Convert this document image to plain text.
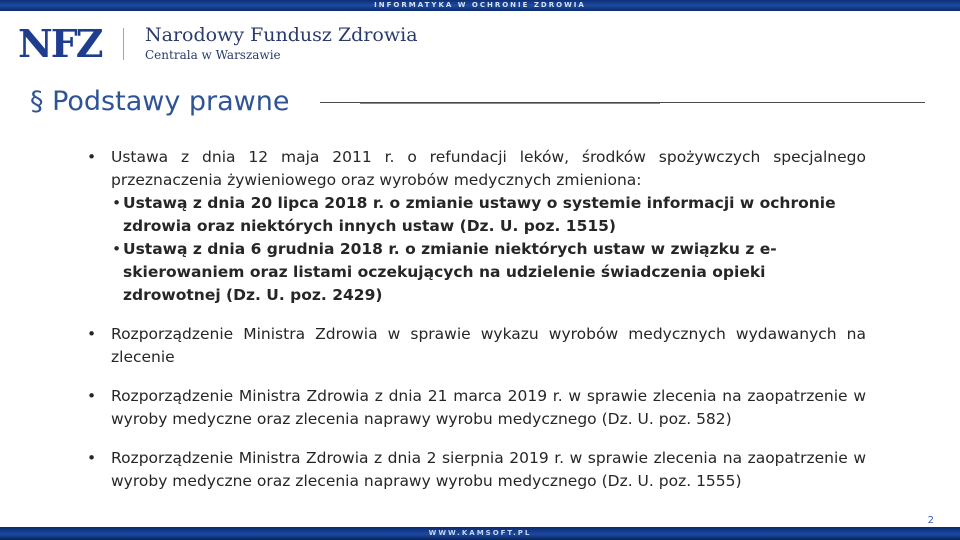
INFORMATYKA W OCHRONIE ZDROWIA
NFZ Narodowy Fundusz Zdrowia
Centrala w Warszawie
§ Podstawy prawne
• Ustawa z dnia 12 maja 2011 r. o refundacji leków, środków spożywczych specjalnego przeznaczenia żywieniowego oraz wyrobów medycznych zmieniona:
• Ustawą z dnia 20 lipca 2018 r. o zmianie ustawy o systemie informacji w ochronie zdrowia oraz niektórych innych ustaw (Dz. U. poz. 1515)
• Ustawą z dnia 6 grudnia 2018 r. o zmianie niektórych ustaw w związku z e-skierowaniem oraz listami oczekujących na udzielenie świadczenia opieki zdrowotnej (Dz. U. poz. 2429)
• Rozporządzenie Ministra Zdrowia w sprawie wykazu wyrobów medycznych wydawanych na zlecenie
• Rozporządzenie Ministra Zdrowia z dnia 21 marca 2019 r. w sprawie zlecenia na zaopatrzenie w wyroby medyczne oraz zlecenia naprawy wyrobu medycznego (Dz. U. poz. 582)
• Rozporządzenie Ministra Zdrowia z dnia 2 sierpnia 2019 r. w sprawie zlecenia na zaopatrzenie w wyroby medyczne oraz zlecenia naprawy wyrobu medycznego (Dz. U. poz. 1555)
WWW.KAMSOFT.PL
2
